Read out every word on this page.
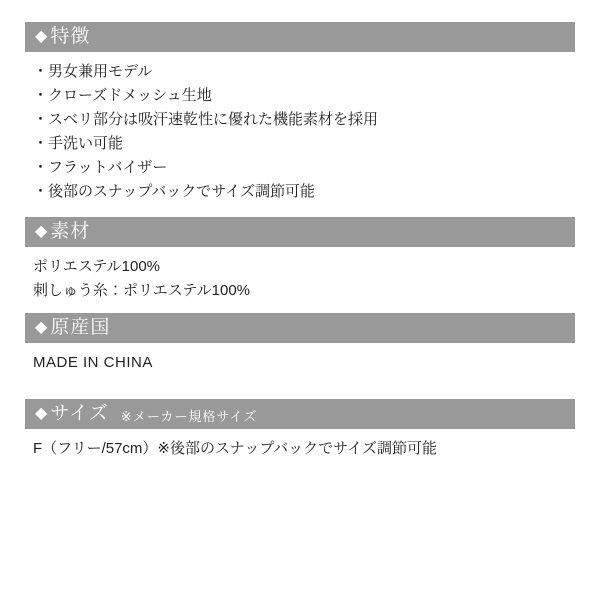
◆ 特徴
・男女兼用モデル
・クローズドメッシュ生地
・スベリ部分は吸汗速乾性に優れた機能素材を採用
・手洗い可能
・フラットバイザー
・後部のスナップバックでサイズ調節可能
◆ 素材
ポリエステル100%
刺しゅう糸：ポリエステル100%
◆ 原産国
MADE IN CHINA
◆ サイズ ※メーカー規格サイズ
F（フリー/57cm）※後部のスナップバックでサイズ調節可能
